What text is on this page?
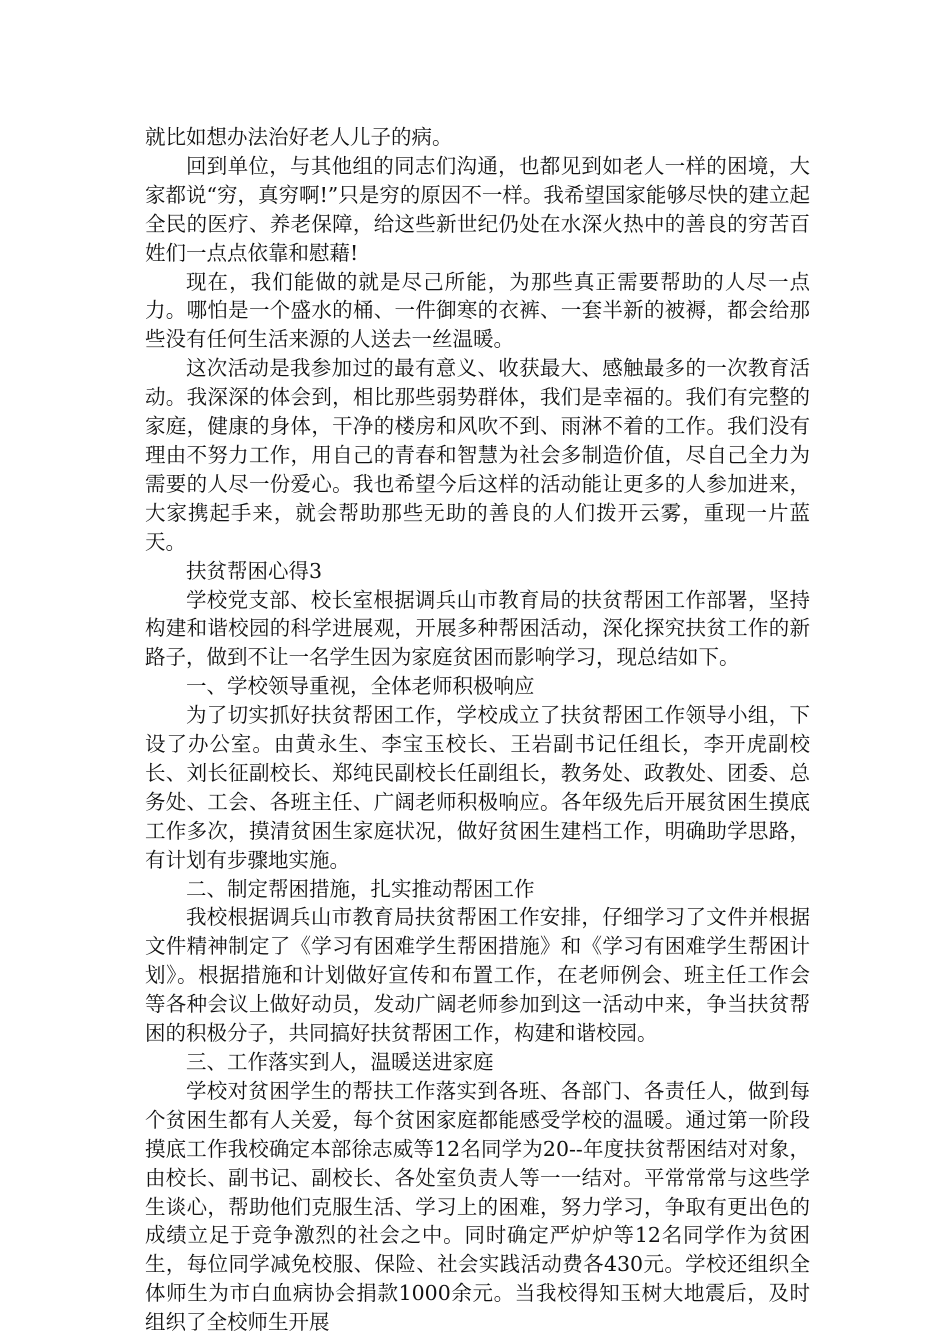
就比如想办法治好老人儿子的病。

回到单位，与其他组的同志们沟通，也都见到如老人一样的困境，大家都说“穷，真穷啊!”只是穷的原因不一样。我希望国家能够尽快的建立起全民的医疗、养老保障，给这些新世纪仍处在水深火热中的善良的穷苦百姓们一点点依靠和慰藉!

现在，我们能做的就是尽己所能，为那些真正需要帮助的人尽一点力。哪怕是一个盛水的桶、一件御寒的衣裤、一套半新的被褥，都会给那些没有任何生活来源的人送去一丝温暖。

这次活动是我参加过的最有意义、收获最大、感触最多的一次教育活动。我深深的体会到，相比那些弱势群体，我们是幸福的。我们有完整的家庭，健康的身体，干净的楼房和风吹不到、雨淋不着的工作。我们没有理由不努力工作，用自己的青春和智慧为社会多制造价值，尽自己全力为需要的人尽一份爱心。我也希望今后这样的活动能让更多的人参加进来，大家携起手来，就会帮助那些无助的善良的人们拨开云雾，重现一片蓝天。

扶贫帮困心得3

学校党支部、校长室根据调兵山市教育局的扶贫帮困工作部署，坚持构建和谐校园的科学进展观，开展多种帮困活动，深化探究扶贫工作的新路子，做到不让一名学生因为家庭贫困而影响学习，现总结如下。

一、学校领导重视，全体老师积极响应

为了切实抓好扶贫帮困工作，学校成立了扶贫帮困工作领导小组，下设了办公室。由黄永生、李宝玉校长、王岩副书记任组长，李开虎副校长、刘长征副校长、郑纯民副校长任副组长，教务处、政教处、团委、总务处、工会、各班主任、广阔老师积极响应。各年级先后开展贫困生摸底工作多次，摸清贫困生家庭状况，做好贫困生建档工作，明确助学思路，有计划有步骤地实施。

二、制定帮困措施，扎实推动帮困工作

我校根据调兵山市教育局扶贫帮困工作安排，仔细学习了文件并根据文件精神制定了《学习有困难学生帮困措施》和《学习有困难学生帮困计划》。根据措施和计划做好宣传和布置工作，在老师例会、班主任工作会等各种会议上做好动员，发动广阔老师参加到这一活动中来，争当扶贫帮困的积极分子，共同搞好扶贫帮困工作，构建和谐校园。

三、工作落实到人，温暖送进家庭

学校对贫困学生的帮扶工作落实到各班、各部门、各责任人，做到每个贫困生都有人关爱，每个贫困家庭都能感受学校的温暖。通过第一阶段摸底工作我校确定本部徐志威等12名同学为20--年度扶贫帮困结对对象，由校长、副书记、副校长、各处室负责人等一一结对。平常常常与这些学生谈心，帮助他们克服生活、学习上的困难，努力学习，争取有更出色的成绩立足于竞争激烈的社会之中。同时确定严炉炉等12名同学作为贫困生，每位同学减免校服、保险、社会实践活动费各430元。学校还组织全体师生为市白血病协会捐款1000余元。当我校得知玉树大地震后，及时组织了全校师生开展
